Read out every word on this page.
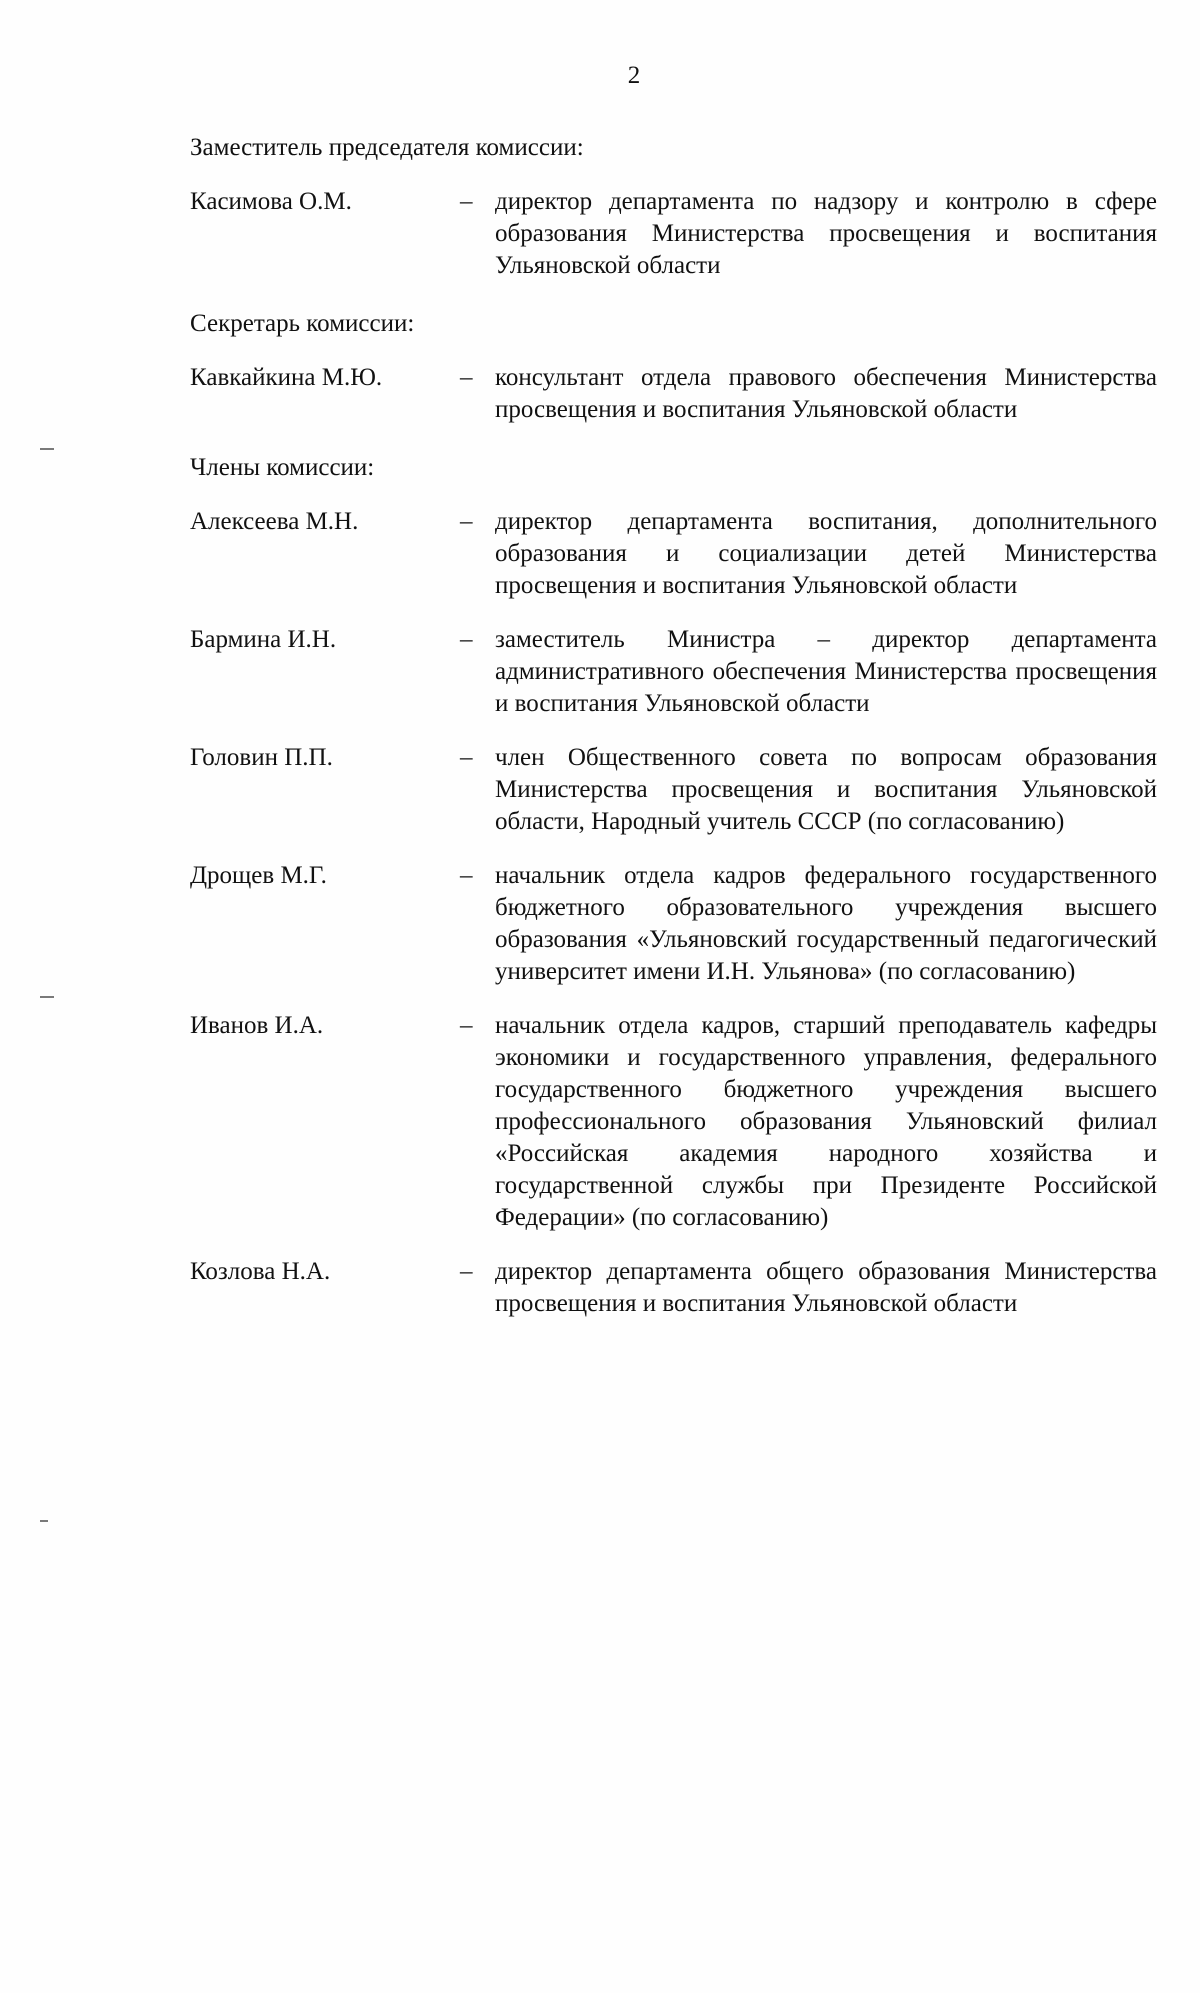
2
Заместитель председателя комиссии:
Касимова О.М.	– директор департамента по надзору и контролю в сфере образования Министерства просвещения и воспитания Ульяновской области
Секретарь комиссии:
Кавкайкина М.Ю.	– консультант отдела правового обеспечения Министерства просвещения и воспитания Ульяновской области
Члены комиссии:
Алексеева М.Н.	– директор департамента воспитания, дополнительного образования и социализации детей Министерства просвещения и воспитания Ульяновской области
Бармина И.Н.	– заместитель Министра – директор департамента административного обеспечения Министерства просвещения и воспитания Ульяновской области
Головин П.П.	– член Общественного совета по вопросам образования Министерства просвещения и воспитания Ульяновской области, Народный учитель СССР (по согласованию)
Дрощев М.Г.	– начальник отдела кадров федерального государственного бюджетного образовательного учреждения высшего образования «Ульяновский государственный педагогический университет имени И.Н. Ульянова» (по согласованию)
Иванов И.А.	– начальник отдела кадров, старший преподаватель кафедры экономики и государственного управления, федерального государственного бюджетного учреждения высшего профессионального образования Ульяновский филиал «Российская академия народного хозяйства и государственной службы при Президенте Российской Федерации» (по согласованию)
Козлова Н.А.	– директор департамента общего образования Министерства просвещения и воспитания Ульяновской области
